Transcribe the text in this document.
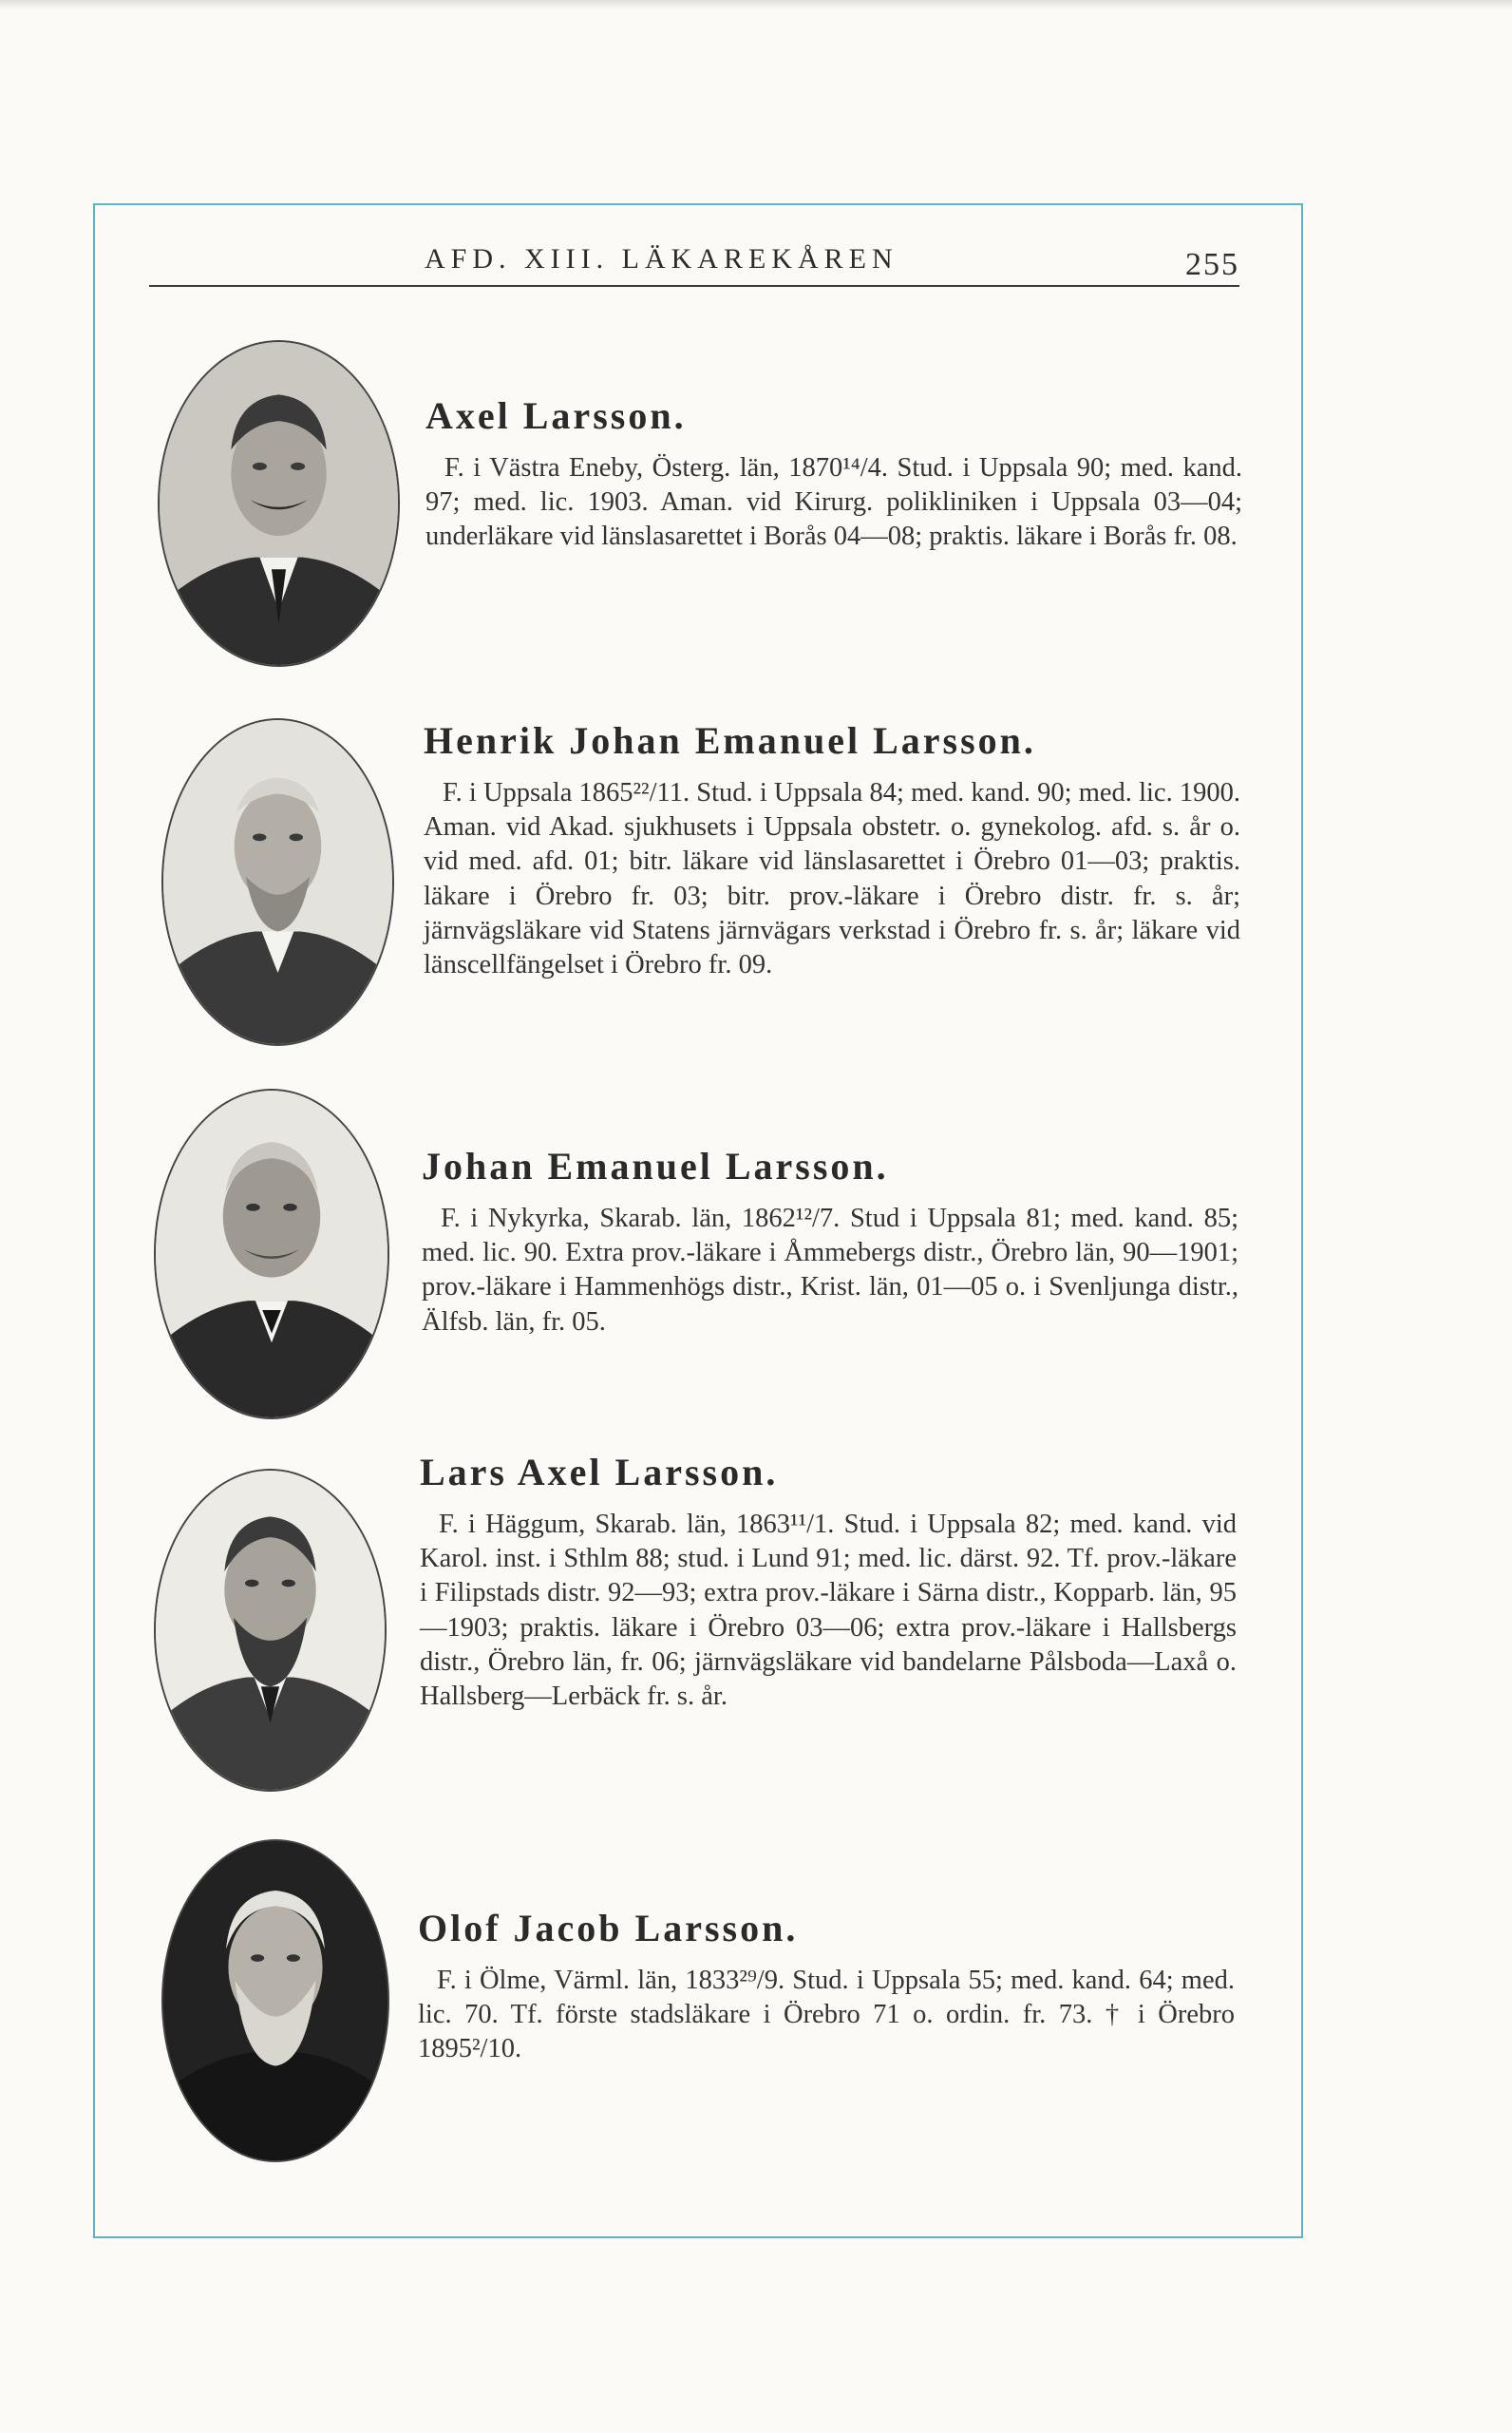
AFD. XIII. LÄKAREKÅREN	255
Axel Larsson.

F. i Västra Eneby, Österg. län, 1870¹⁴/4. Stud. i Uppsala 90; med. kand. 97; med. lic. 1903. Aman. vid Kirurg. polikliniken i Uppsala 03—04; underläkare vid länslasarettet i Borås 04—08; praktis. läkare i Borås fr. 08.

Henrik Johan Emanuel Larsson.

F. i Uppsala 1865²²/11. Stud. i Uppsala 84; med. kand. 90; med. lic. 1900. Aman. vid Akad. sjukhusets i Uppsala obstetr. o. gynekolog. afd. s. år o. vid med. afd. 01; bitr. läkare vid länslasarettet i Örebro 01—03; praktis. läkare i Örebro fr. 03; bitr. prov.-läkare i Örebro distr. fr. s. år; järnvägsläkare vid Statens järnvägars verkstad i Örebro fr. s. år; läkare vid länscellfängelset i Örebro fr. 09.

Johan Emanuel Larsson.

F. i Nykyrka, Skarab. län, 1862¹²/7. Stud i Uppsala 81; med. kand. 85; med. lic. 90. Extra prov.-läkare i Åmmebergs distr., Örebro län, 90—1901; prov.-läkare i Hammenhögs distr., Krist. län, 01—05 o. i Svenljunga distr., Älfsb. län, fr. 05.

Lars Axel Larsson.

F. i Häggum, Skarab. län, 1863¹¹/1. Stud. i Uppsala 82; med. kand. vid Karol. inst. i Sthlm 88; stud. i Lund 91; med. lic. därst. 92. Tf. prov.-läkare i Filipstads distr. 92—93; extra prov.-läkare i Särna distr., Kopparb. län, 95—1903; praktis. läkare i Örebro 03—06; extra prov.-läkare i Hallsbergs distr., Örebro län, fr. 06; järnvägsläkare vid bandelarne Pålsboda—Laxå o. Hallsberg—Lerbäck fr. s. år.

Olof Jacob Larsson.

F. i Ölme, Värml. län, 1833²⁹/9. Stud. i Uppsala 55; med. kand. 64; med. lic. 70. Tf. förste stadsläkare i Örebro 71 o. ordin. fr. 73. † i Örebro 1895²/10.
